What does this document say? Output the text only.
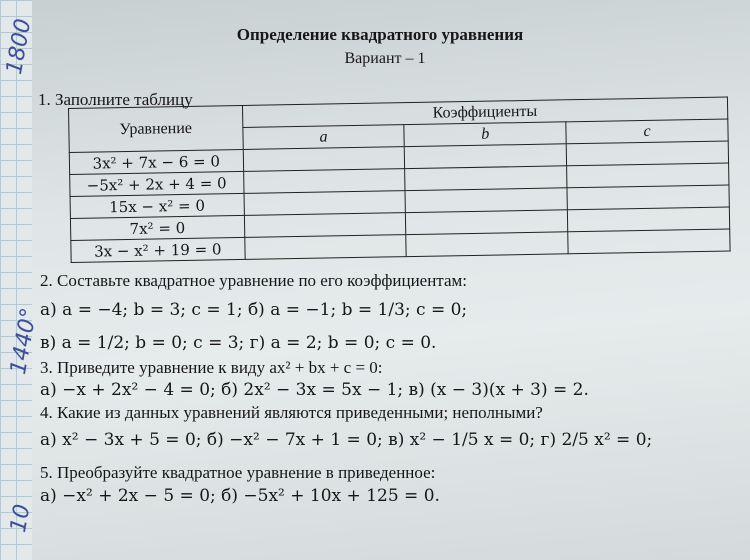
1800
1440°
10
Определение квадратного уравнения
Вариант – 1
1. Заполните таблицу
Уравнение	Коэффициенты		
	a	b	c
3x² + 7x − 6 = 0			
−5x² + 2x + 4 = 0			
15x − x² = 0			
7x² = 0			
3x − x² + 19 = 0			
2. Составьте квадратное уравнение по его коэффициентам:
а) a = −4; b = 3; c = 1; б) a = −1; b = 1/3; c = 0;
в) a = 1/2; b = 0; c = 3; г) a = 2; b = 0; c = 0.
3. Приведите уравнение к виду ax² + bx + c = 0:
а) −x + 2x² − 4 = 0; б) 2x² − 3x = 5x − 1; в) (x − 3)(x + 3) = 2.
4. Какие из данных уравнений являются приведенными; неполными?
а) x² − 3x + 5 = 0; б) −x² − 7x + 1 = 0; в) x² − 1/5 x = 0; г) 2/5 x² = 0;
5. Преобразуйте квадратное уравнение в приведенное:
а) −x² + 2x − 5 = 0; б) −5x² + 10x + 125 = 0.
